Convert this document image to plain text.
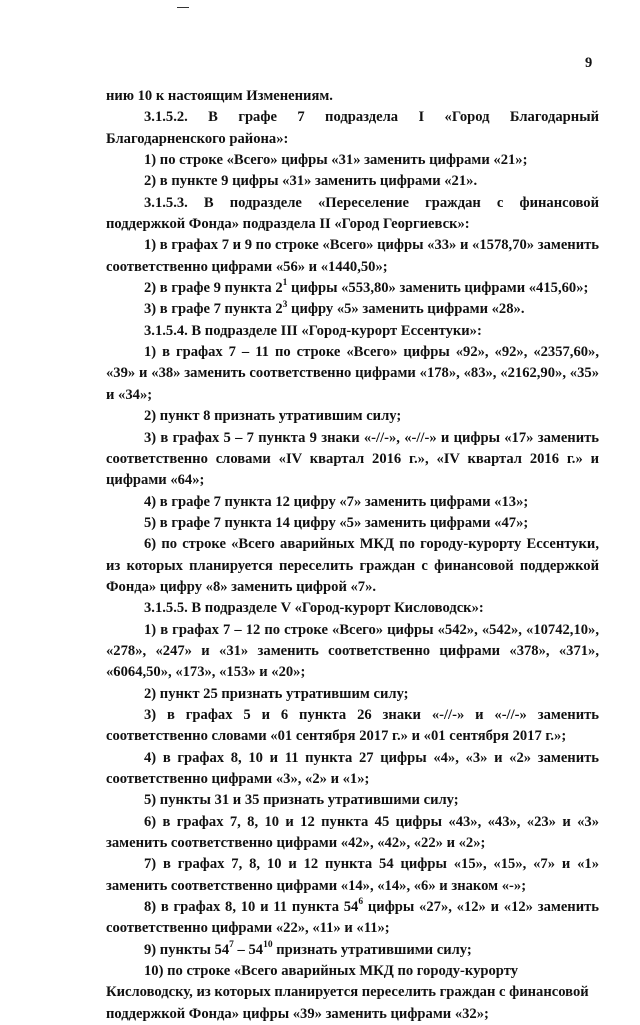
9

нию 10 к настоящим Изменениям.

3.1.5.2. В графе 7 подраздела I «Город Благодарный Благодарненского района»:

1) по строке «Всего» цифры «31» заменить цифрами «21»;

2) в пункте 9 цифры «31» заменить цифрами «21».

3.1.5.3. В подразделе «Переселение граждан с финансовой поддержкой Фонда» подраздела II «Город Георгиевск»:

1) в графах 7 и 9 по строке «Всего» цифры «33» и «1578,70» заменить соответственно цифрами «56» и «1440,50»;

2) в графе 9 пункта $2^1$ цифры «553,80» заменить цифрами «415,60»;

3) в графе 7 пункта $2^3$ цифру «5» заменить цифрами «28».

3.1.5.4. В подразделе III «Город-курорт Ессентуки»:

1) в графах 7 – 11 по строке «Всего» цифры «92», «92», «2357,60», «39» и «38» заменить соответственно цифрами «178», «83», «2162,90», «35» и «34»;

2) пункт 8 признать утратившим силу;

3) в графах 5 – 7 пункта 9 знаки «-//-», «-//-» и цифры «17» заменить соответственно словами «IV квартал 2016 г.», «IV квартал 2016 г.» и цифрами «64»;

4) в графе 7 пункта 12 цифру «7» заменить цифрами «13»;

5) в графе 7 пункта 14 цифру «5» заменить цифрами «47»;

6) по строке «Всего аварийных МКД по городу-курорту Ессентуки, из которых планируется переселить граждан с финансовой поддержкой Фонда» цифру «8» заменить цифрой «7».

3.1.5.5. В подразделе V «Город-курорт Кисловодск»:

1) в графах 7 – 12 по строке «Всего» цифры «542», «542», «10742,10», «278», «247» и «31» заменить соответственно цифрами «378», «371», «6064,50», «173», «153» и «20»;

2) пункт 25 признать утратившим силу;

3) в графах 5 и 6 пункта 26 знаки «-//-» и «-//-» заменить соответственно словами «01 сентября 2017 г.» и «01 сентября 2017 г.»;

4) в графах 8, 10 и 11 пункта 27 цифры «4», «3» и «2» заменить соответственно цифрами «3», «2» и «1»;

5) пункты 31 и 35 признать утратившими силу;

6) в графах 7, 8, 10 и 12 пункта 45 цифры «43», «43», «23» и «3» заменить соответственно цифрами «42», «42», «22» и «2»;

7) в графах 7, 8, 10 и 12 пункта 54 цифры «15», «15», «7» и «1» заменить соответственно цифрами «14», «14», «6» и знаком «-»;

8) в графах 8, 10 и 11 пункта $54^6$ цифры «27», «12» и «12» заменить соответственно цифрами «22», «11» и «11»;

9) пункты $54^7 - 54^{10}$ признать утратившими силу;

10) по строке «Всего аварийных МКД по городу-курорту Кисловодску, из которых планируется переселить граждан с финансовой поддержкой Фонда» цифры «39» заменить цифрами «32»;
